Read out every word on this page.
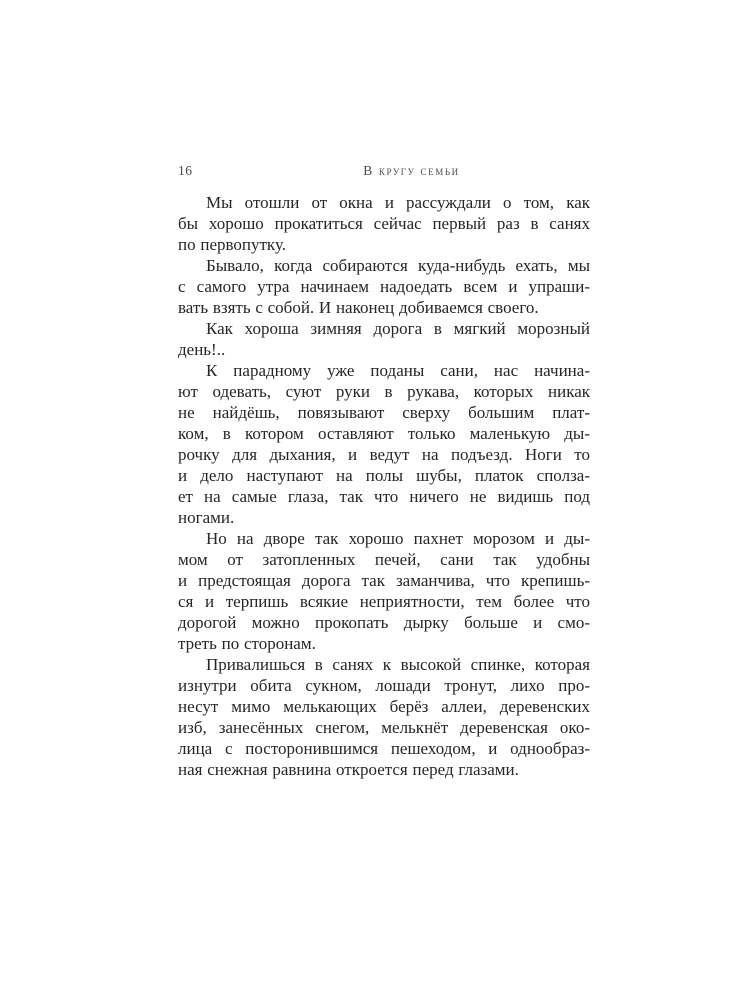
16	В кругу семьи
Мы отошли от окна и рассуждали о том, как
бы хорошо прокатиться сейчас первый раз в санях
по первопутку.
Бывало, когда собираются куда-нибудь ехать, мы
с самого утра начинаем надоедать всем и упраши-
вать взять с собой. И наконец добиваемся своего.
Как хороша зимняя дорога в мягкий морозный
день!..
К парадному уже поданы сани, нас начина-
ют одевать, суют руки в рукава, которых никак
не найдёшь, повязывают сверху большим плат-
ком, в котором оставляют только маленькую ды-
рочку для дыхания, и ведут на подъезд. Ноги то
и дело наступают на полы шубы, платок сполза-
ет на самые глаза, так что ничего не видишь под
ногами.
Но на дворе так хорошо пахнет морозом и ды-
мом от затопленных печей, сани так удобны
и предстоящая дорога так заманчива, что крепишь-
ся и терпишь всякие неприятности, тем более что
дорогой можно прокопать дырку больше и смо-
треть по сторонам.
Привалишься в санях к высокой спинке, которая
изнутри обита сукном, лошади тронут, лихо про-
несут мимо мелькающих берёз аллеи, деревенских
изб, занесённых снегом, мелькнёт деревенская око-
лица с посторонившимся пешеходом, и однообраз-
ная снежная равнина откроется перед глазами.
